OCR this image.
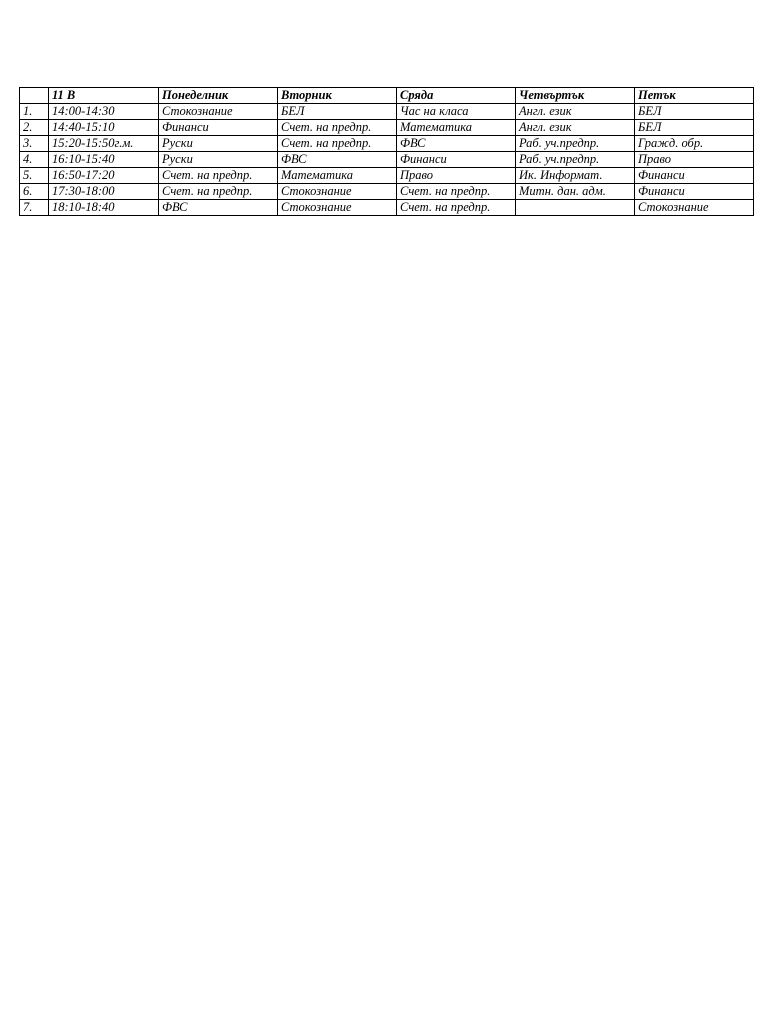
	11 В	Понеделник	Вторник	Сряда	Четвъртък	Петък
1.	14:00-14:30	Стокознание	БЕЛ	Час на класа	Англ. език	БЕЛ
2.	14:40-15:10	Финанси	Счет. на предпр.	Математика	Англ. език	БЕЛ
3.	15:20-15:50г.м.	Руски	Счет. на предпр.	ФВС	Раб. уч.предпр.	Гражд. обр.
4.	16:10-15:40	Руски	ФВС	Финанси	Раб. уч.предпр.	Право
5.	16:50-17:20	Счет. на предпр.	Математика	Право	Ик. Информат.	Финанси
6.	17:30-18:00	Счет. на предпр.	Стокознание	Счет. на предпр.	Митн. дан. адм.	Финанси
7.	18:10-18:40	ФВС	Стокознание	Счет. на предпр.		Стокознание
